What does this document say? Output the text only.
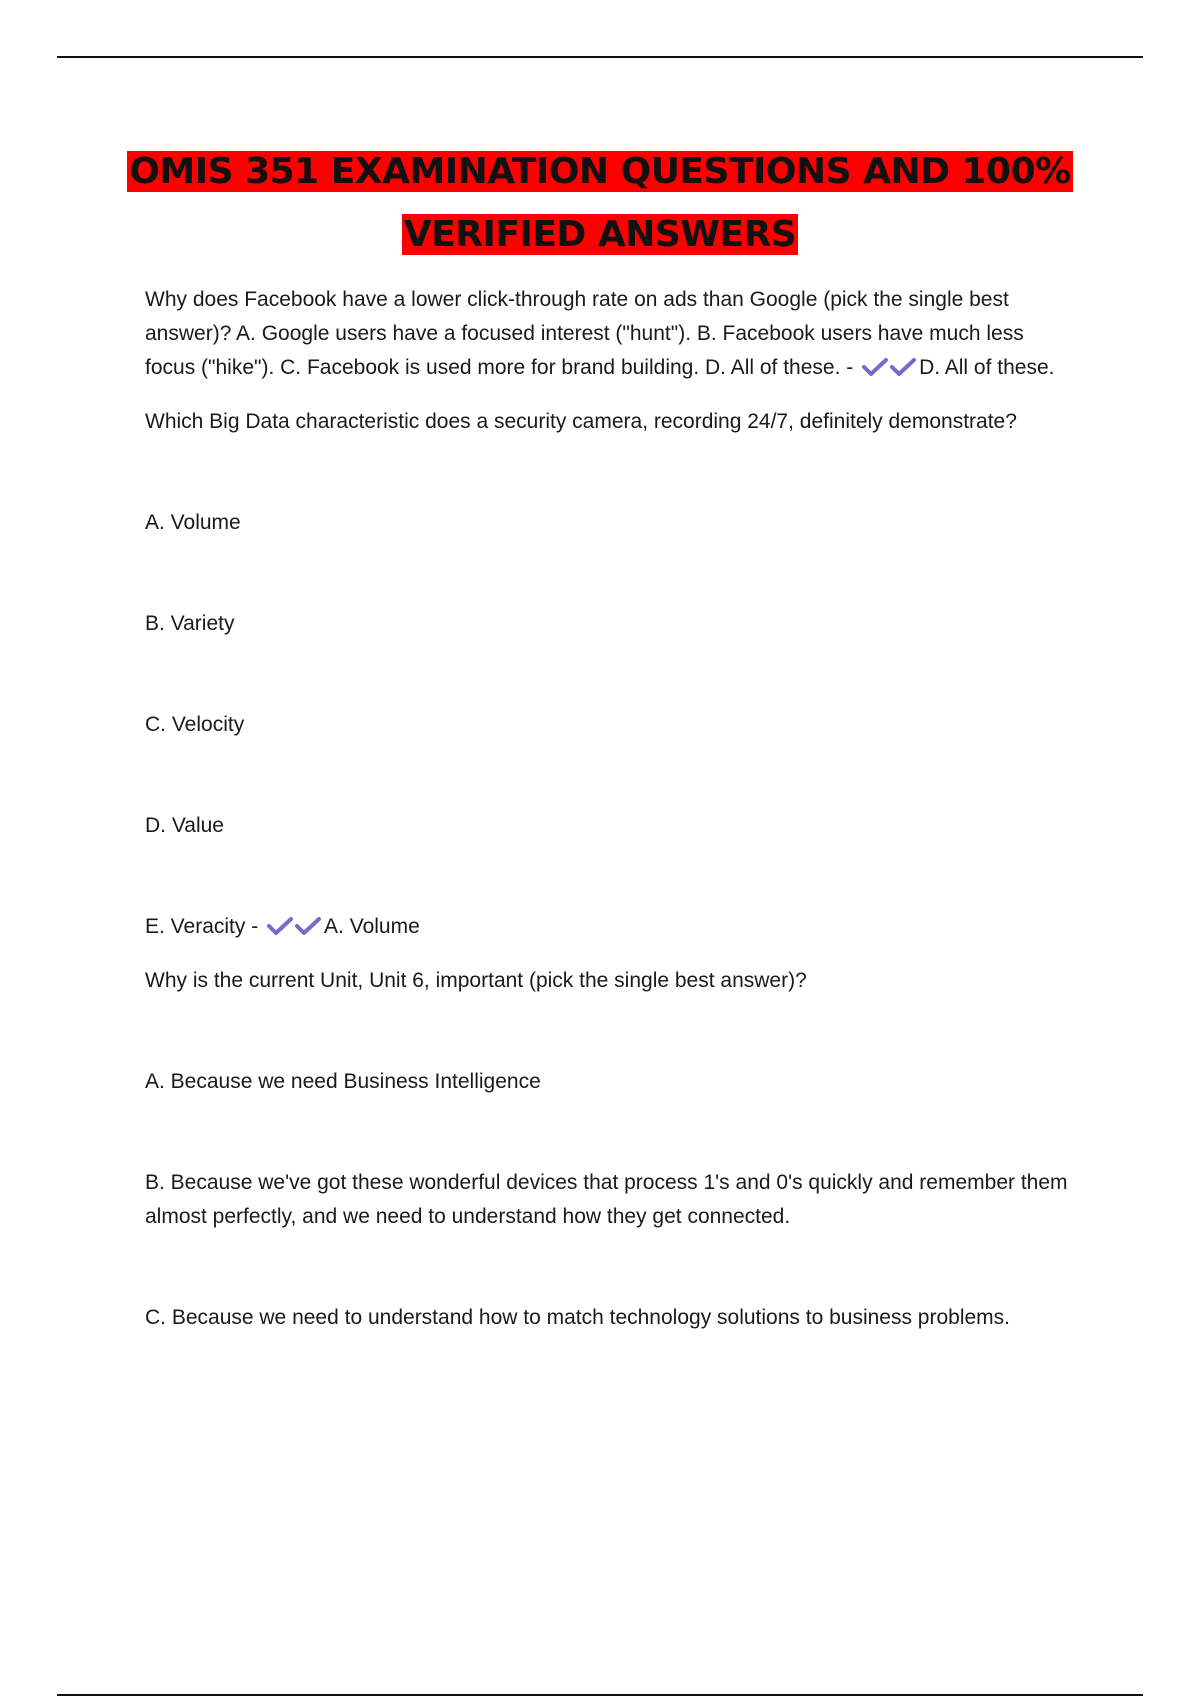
OMIS 351 EXAMINATION QUESTIONS AND 100%
VERIFIED ANSWERS

Why does Facebook have a lower click-through rate on ads than Google (pick the single best answer)? A. Google users have a focused interest ("hunt"). B. Facebook users have much less focus ("hike"). C. Facebook is used more for brand building. D. All of these. -	D. All of these.

Which Big Data characteristic does a security camera, recording 24/7, definitely demonstrate?

A. Volume

B. Variety

C. Velocity

D. Value

E. Veracity -	A. Volume

Why is the current Unit, Unit 6, important (pick the single best answer)?

A. Because we need Business Intelligence

B. Because we've got these wonderful devices that process 1's and 0's quickly and remember them almost perfectly, and we need to understand how they get connected.

C. Because we need to understand how to match technology solutions to business problems.
